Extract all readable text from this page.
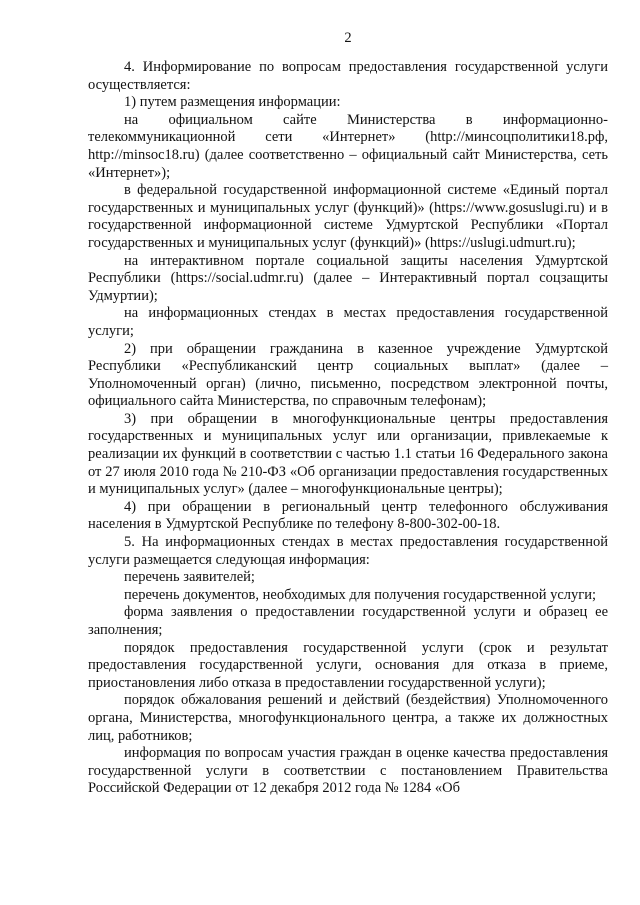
2

4. Информирование по вопросам предоставления государственной услуги осуществляется:

1) путем размещения информации:

на официальном сайте Министерства в информационно-телекоммуникационной сети «Интернет» (http://минсоцполитики18.рф, http://minsoc18.ru) (далее соответственно – официальный сайт Министерства, сеть «Интернет»);

в федеральной государственной информационной системе «Единый портал государственных и муниципальных услуг (функций)» (https://www.gosuslugi.ru) и в государственной информационной системе Удмуртской Республики «Портал государственных и муниципальных услуг (функций)» (https://uslugi.udmurt.ru);

на интерактивном портале социальной защиты населения Удмуртской Республики (https://social.udmr.ru) (далее – Интерактивный портал соцзащиты Удмуртии);

на информационных стендах в местах предоставления государственной услуги;

2) при обращении гражданина в казенное учреждение Удмуртской Республики «Республиканский центр социальных выплат» (далее – Уполномоченный орган) (лично, письменно, посредством электронной почты, официального сайта Министерства, по справочным телефонам);

3) при обращении в многофункциональные центры предоставления государственных и муниципальных услуг или организации, привлекаемые к реализации их функций в соответствии с частью 1.1 статьи 16 Федерального закона от 27 июля 2010 года № 210-ФЗ «Об организации предоставления государственных и муниципальных услуг» (далее – многофункциональные центры);

4) при обращении в региональный центр телефонного обслуживания населения в Удмуртской Республике по телефону 8-800-302-00-18.

5. На информационных стендах в местах предоставления государственной услуги размещается следующая информация:

перечень заявителей;

перечень документов, необходимых для получения государственной услуги;

форма заявления о предоставлении государственной услуги и образец ее заполнения;

порядок предоставления государственной услуги (срок и результат предоставления государственной услуги, основания для отказа в приеме, приостановления либо отказа в предоставлении государственной услуги);

порядок обжалования решений и действий (бездействия) Уполномоченного органа, Министерства, многофункционального центра, а также их должностных лиц, работников;

информация по вопросам участия граждан в оценке качества предоставления государственной услуги в соответствии с постановлением Правительства Российской Федерации от 12 декабря 2012 года № 1284 «Об
